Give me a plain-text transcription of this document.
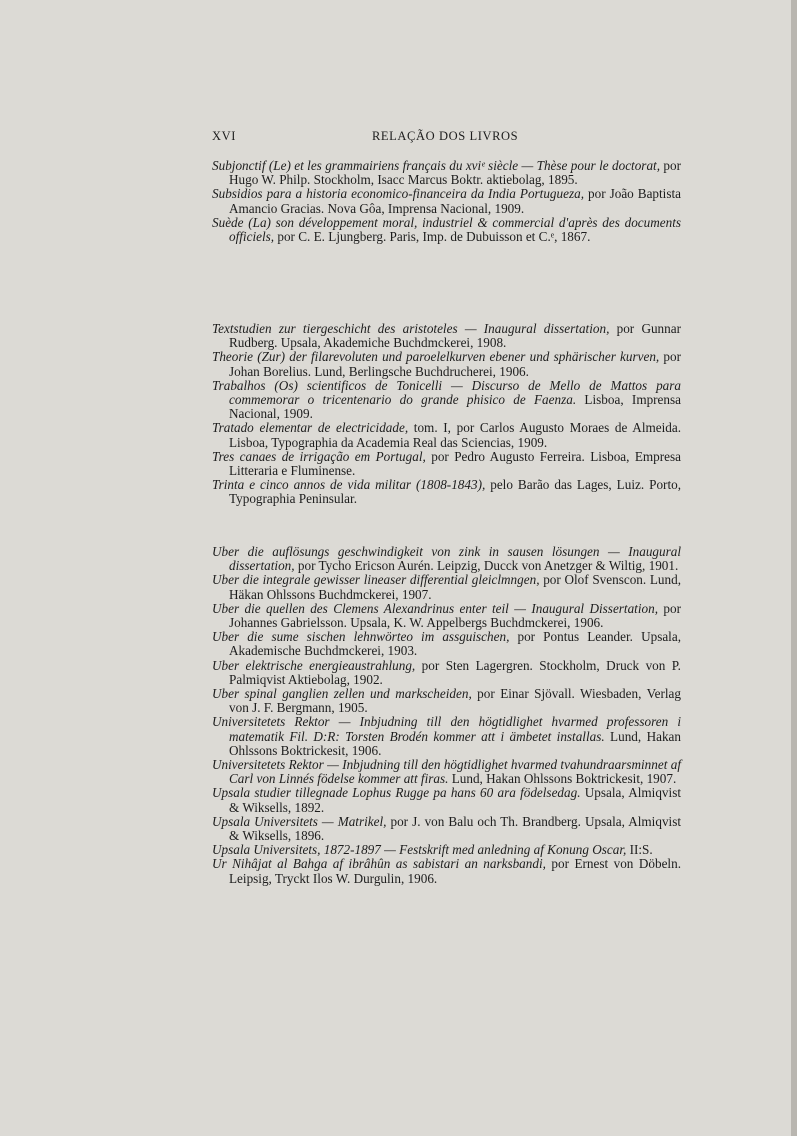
XVI	RELAÇÃO DOS LIVROS

Subjonctif (Le) et les grammairiens français du xviᵉ siècle — Thèse pour le doctorat, por Hugo W. Philp. Stockholm, Isacc Marcus Boktr. aktiebolag, 1895.

Subsidios para a historia economico-financeira da India Portugueza, por João Baptista Amancio Gracias. Nova Gôa, Imprensa Nacional, 1909.

Suède (La) son développement moral, industriel & commercial d'après des documents officiels, por C. E. Ljungberg. Paris, Imp. de Dubuisson et C.ᵉ, 1867.

Textstudien zur tiergeschicht des aristoteles — Inaugural dissertation, por Gunnar Rudberg. Upsala, Akademiche Buchdmckerei, 1908.

Theorie (Zur) der filarevoluten und paroelelkurven ebener und sphärischer kurven, por Johan Borelius. Lund, Berlingsche Buchdrucherei, 1906.

Trabalhos (Os) scientificos de Tonicelli — Discurso de Mello de Mattos para commemorar o tricentenario do grande phisico de Faenza. Lisboa, Imprensa Nacional, 1909.

Tratado elementar de electricidade, tom. I, por Carlos Augusto Moraes de Almeida. Lisboa, Typographia da Academia Real das Sciencias, 1909.

Tres canaes de irrigação em Portugal, por Pedro Augusto Ferreira. Lisboa, Empresa Litteraria e Fluminense.

Trinta e cinco annos de vida militar (1808-1843), pelo Barão das Lages, Luiz. Porto, Typographia Peninsular.

Uber die auflösungs geschwindigkeit von zink in sausen lösungen — Inaugural dissertation, por Tycho Ericson Aurén. Leipzig, Ducck von Anetzger & Wiltig, 1901.

Uber die integrale gewisser lineaser differential gleiclmngen, por Olof Svenscon. Lund, Häkan Ohlssons Buchdmckerei, 1907.

Uber die quellen des Clemens Alexandrinus enter teil — Inaugural Dissertation, por Johannes Gabrielsson. Upsala, K. W. Appelbergs Buchdmckerei, 1906.

Uber die sume sischen lehnwörteo im assguischen, por Pontus Leander. Upsala, Akademische Buchdmckerei, 1903.

Uber elektrische energieaustrahlung, por Sten Lagergren. Stockholm, Druck von P. Palmiqvist Aktiebolag, 1902.

Uber spinal ganglien zellen und markscheiden, por Einar Sjövall. Wiesbaden, Verlag von J. F. Bergmann, 1905.

Universitetets Rektor — Inbjudning till den högtidlighet hvarmed professoren i matematik Fil. D:R: Torsten Brodén kommer att i ämbetet installas. Lund, Hakan Ohlssons Boktrickesit, 1906.

Universitetets Rektor — Inbjudning till den högtidlighet hvarmed tvahundraarsminnet af Carl von Linnés födelse kommer att firas. Lund, Hakan Ohlssons Boktrickesit, 1907.

Upsala studier tillegnade Lophus Rugge pa hans 60 ara födelsedag. Upsala, Almiqvist & Wiksells, 1892.

Upsala Universitets — Matrikel, por J. von Balu och Th. Brandberg. Upsala, Almiqvist & Wiksells, 1896.

Upsala Universitets, 1872-1897 — Festskrift med anledning af Konung Oscar, II:S.

Ur Nihâjat al Bahga af ibrâhûn as sabistari an narksbandi, por Ernest von Döbeln. Leipsig, Tryckt Ilos W. Durgulin, 1906.
